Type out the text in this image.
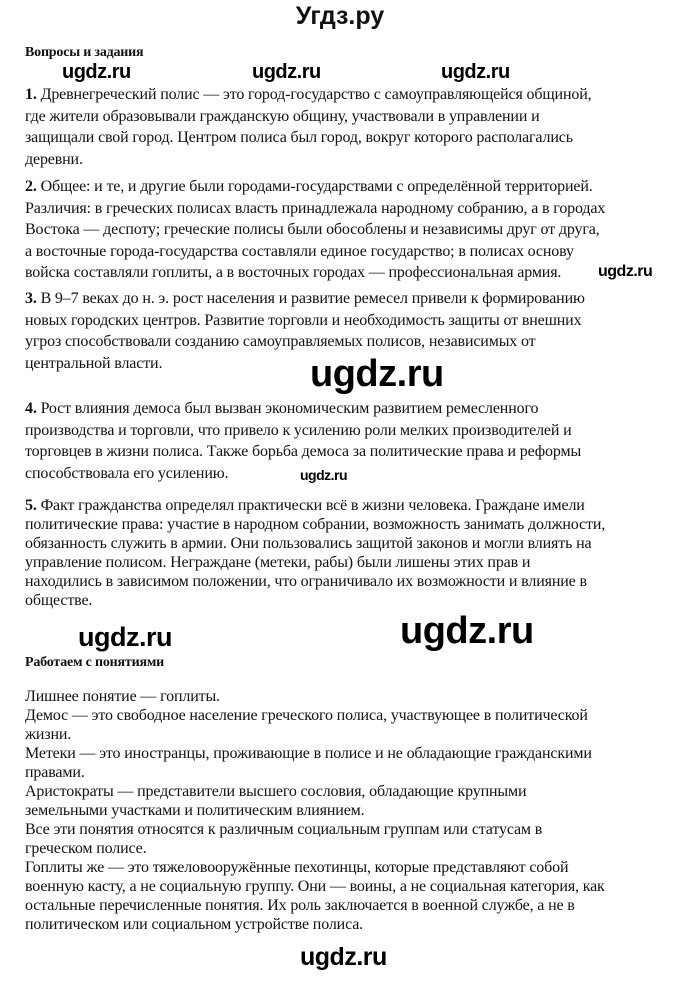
Угдз.ру
Вопросы и задания
ugdz.ru	ugdz.ru	ugdz.ru
1. Древнегреческий полис — это город-государство с самоуправляющейся общиной,
где жители образовывали гражданскую общину, участвовали в управлении и
защищали свой город. Центром полиса был город, вокруг которого располагались
деревни.
2. Общее: и те, и другие были городами-государствами с определённой территорией.
Различия: в греческих полисах власть принадлежала народному собранию, а в городах
Востока — деспоту; греческие полисы были обособлены и независимы друг от друга,
а восточные города-государства составляли единое государство; в полисах основу
войска составляли гоплиты, а в восточных городах — профессиональная армия. ugdz.ru
3. В 9–7 веках до н. э. рост населения и развитие ремесел привели к формированию
новых городских центров. Развитие торговли и необходимость защиты от внешних
угроз способствовали созданию самоуправляемых полисов, независимых от
центральной власти.	ugdz.ru
4. Рост влияния демоса был вызван экономическим развитием ремесленного
производства и торговли, что привело к усилению роли мелких производителей и
торговцев в жизни полиса. Также борьба демоса за политические права и реформы
способствовала его усилению.	ugdz.ru
5. Факт гражданства определял практически всё в жизни человека. Граждане имели
политические права: участие в народном собрании, возможность занимать должности,
обязанность служить в армии. Они пользовались защитой законов и могли влиять на
управление полисом. Неграждане (метеки, рабы) были лишены этих прав и
находились в зависимом положении, что ограничивало их возможности и влияние в
обществе.
ugdz.ru	ugdz.ru
Работаем с понятиями
Лишнее понятие — гоплиты.
Демос — это свободное население греческого полиса, участвующее в политической
жизни.
Метеки — это иностранцы, проживающие в полисе и не обладающие гражданскими
правами.
Аристократы — представители высшего сословия, обладающие крупными
земельными участками и политическим влиянием.
Все эти понятия относятся к различным социальным группам или статусам в
греческом полисе.
Гоплиты же — это тяжеловооружённые пехотинцы, которые представляют собой
военную касту, а не социальную группу. Они — воины, а не социальная категория, как
остальные перечисленные понятия. Их роль заключается в военной службе, а не в
политическом или социальном устройстве полиса.
ugdz.ru
